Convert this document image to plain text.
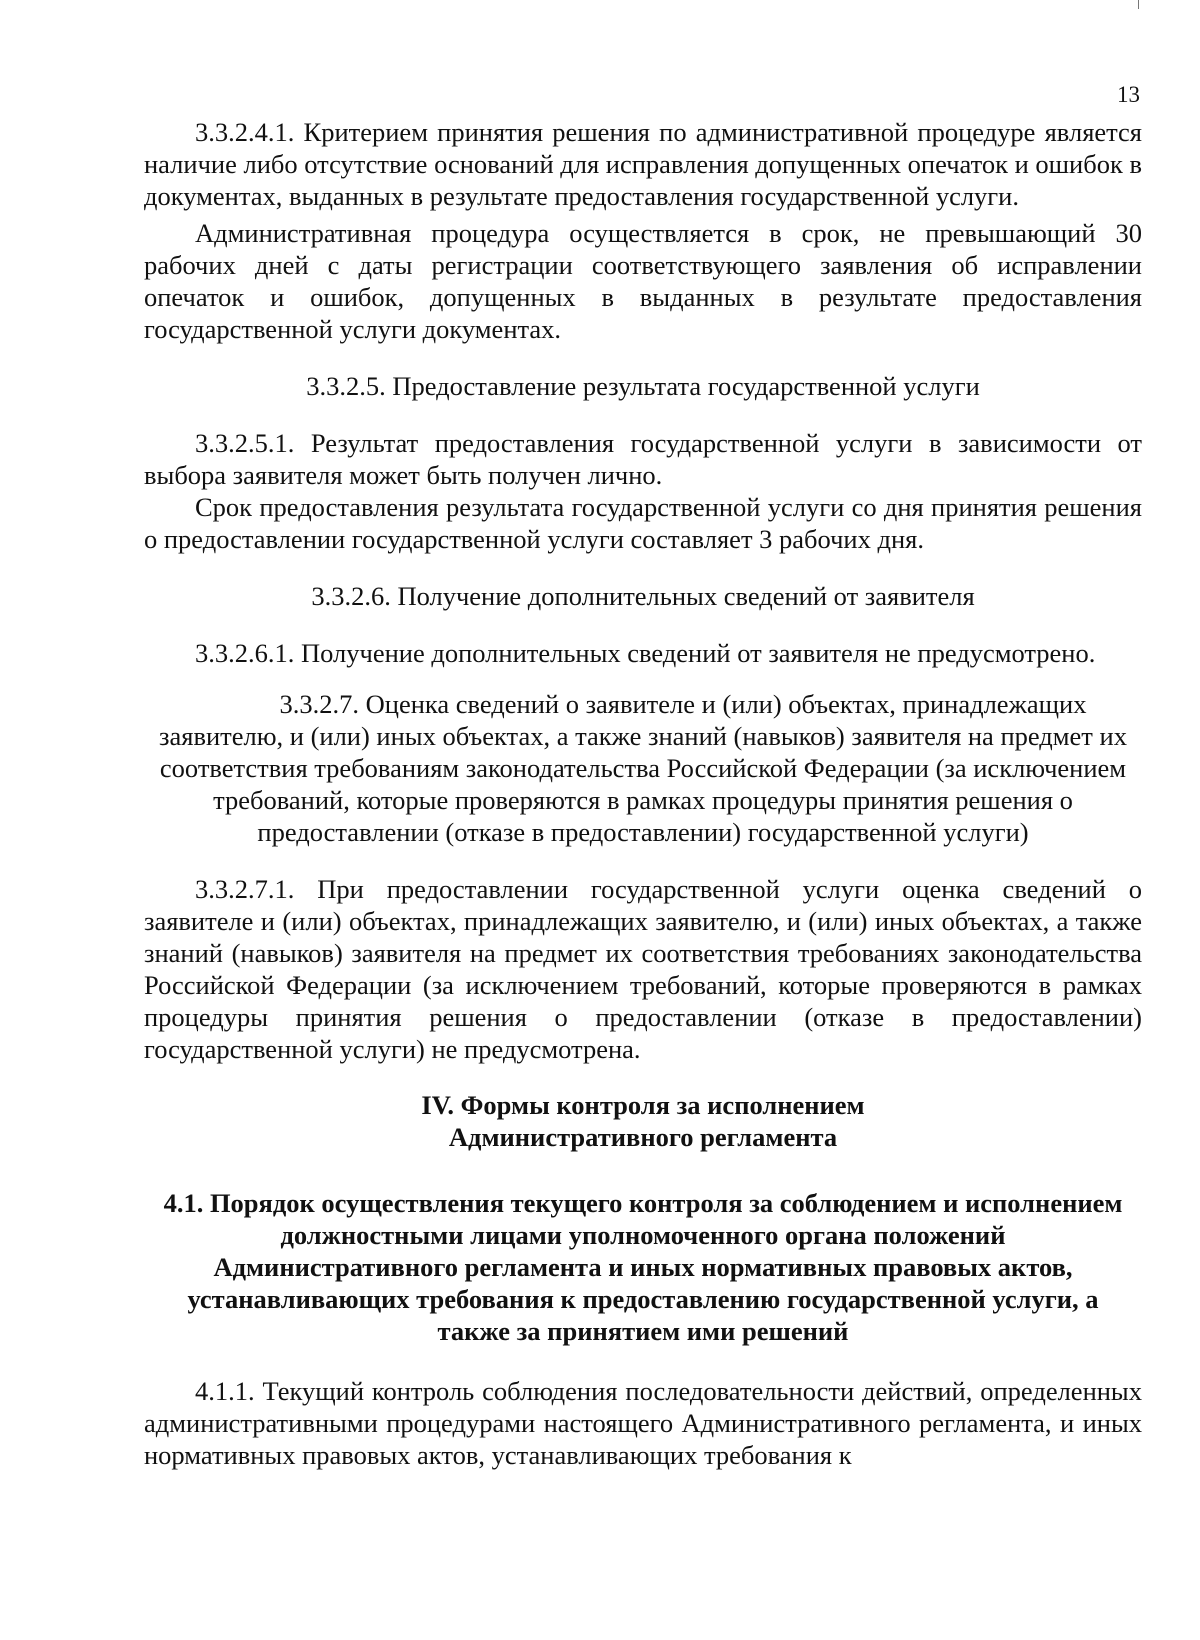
13

3.3.2.4.1. Критерием принятия решения по административной процедуре является наличие либо отсутствие оснований для исправления допущенных опечаток и ошибок в документах, выданных в результате предоставления государственной услуги.

Административная процедура осуществляется в срок, не превышающий 30 рабочих дней с даты регистрации соответствующего заявления об исправлении опечаток и ошибок, допущенных в выданных в результате предоставления государственной услуги документах.

3.3.2.5. Предоставление результата государственной услуги

3.3.2.5.1. Результат предоставления государственной услуги в зависимости от выбора заявителя может быть получен лично.

Срок предоставления результата государственной услуги со дня принятия решения о предоставлении государственной услуги составляет 3 рабочих дня.

3.3.2.6. Получение дополнительных сведений от заявителя

3.3.2.6.1. Получение дополнительных сведений от заявителя не предусмотрено.

3.3.2.7. Оценка сведений о заявителе и (или) объектах, принадлежащих заявителю, и (или) иных объектах, а также знаний (навыков) заявителя на предмет их соответствия требованиям законодательства Российской Федерации (за исключением требований, которые проверяются в рамках процедуры принятия решения о предоставлении (отказе в предоставлении) государственной услуги)

3.3.2.7.1. При предоставлении государственной услуги оценка сведений о заявителе и (или) объектах, принадлежащих заявителю, и (или) иных объектах, а также знаний (навыков) заявителя на предмет их соответствия требованиях законодательства Российской Федерации (за исключением требований, которые проверяются в рамках процедуры принятия решения о предоставлении (отказе в предоставлении) государственной услуги) не предусмотрена.

IV. Формы контроля за исполнением
Административного регламента

4.1. Порядок осуществления текущего контроля за соблюдением и исполнением должностными лицами уполномоченного органа положений Административного регламента и иных нормативных правовых актов, устанавливающих требования к предоставлению государственной услуги, а также за принятием ими решений

4.1.1. Текущий контроль соблюдения последовательности действий, определенных административными процедурами настоящего Административного регламента, и иных нормативных правовых актов, устанавливающих требования к
